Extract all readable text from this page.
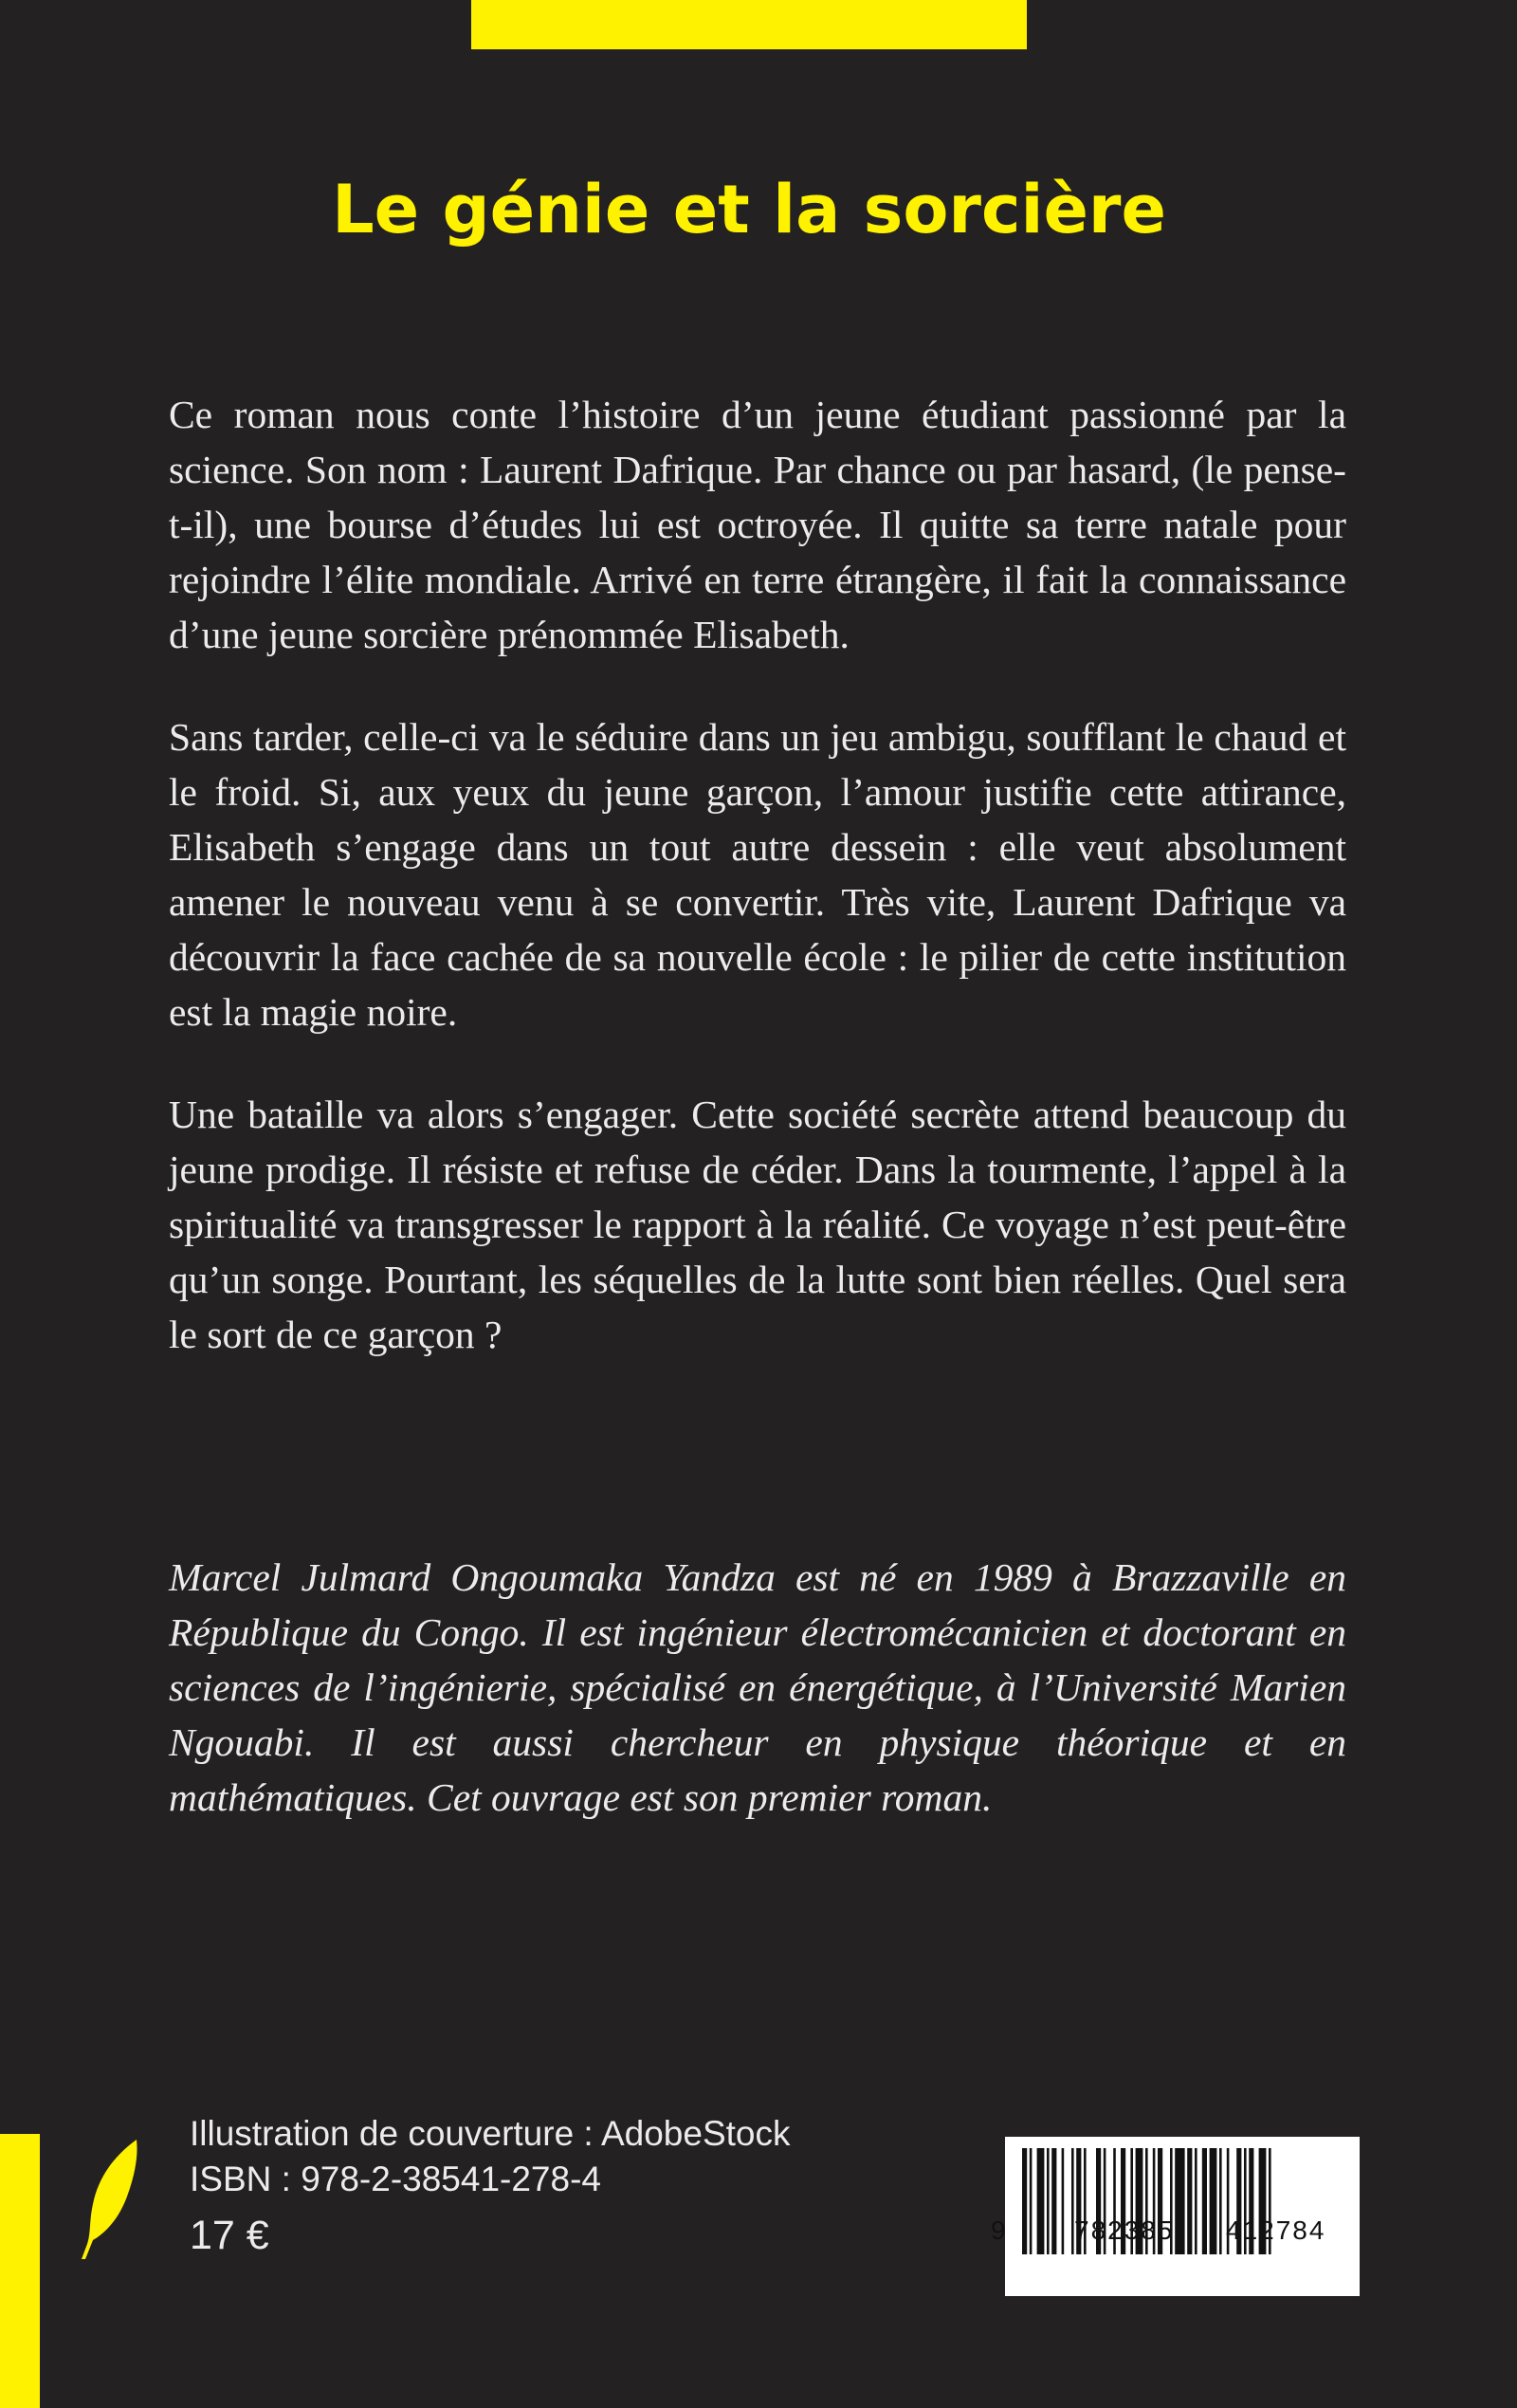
Le génie et la sorcière

Ce roman nous conte l’histoire d’un jeune étudiant passionné par la science. Son nom : Laurent Dafrique. Par chance ou par hasard, (le pense-t-il), une bourse d’études lui est octroyée. Il quitte sa terre natale pour rejoindre l’élite mondiale. Arrivé en terre étrangère, il fait la connaissance d’une jeune sorcière prénommée Elisabeth.

Sans tarder, celle-ci va le séduire dans un jeu ambigu, soufflant le chaud et le froid. Si, aux yeux du jeune garçon, l’amour justifie cette attirance, Elisabeth s’engage dans un tout autre dessein : elle veut absolument amener le nouveau venu à se convertir. Très vite, Laurent Dafrique va découvrir la face cachée de sa nouvelle école : le pilier de cette institution est la magie noire.

Une bataille va alors s’engager. Cette société secrète attend beaucoup du jeune prodige. Il résiste et refuse de céder. Dans la tourmente, l’appel à la spiritualité va transgresser le rapport à la réalité. Ce voyage n’est peut-être qu’un songe. Pourtant, les séquelles de la lutte sont bien réelles. Quel sera le sort de ce garçon ?

Marcel Julmard Ongoumaka Yandza est né en 1989 à Brazzaville en République du Congo. Il est ingénieur électromécanicien et doctorant en sciences de l’ingénierie, spécialisé en énergétique, à l’Université Marien Ngouabi. Il est aussi chercheur en physique théorique et en mathématiques. Cet ouvrage est son premier roman.

Illustration de couverture : AdobeStock
ISBN : 978-2-38541-278-4
17 €	9	782385 412784
